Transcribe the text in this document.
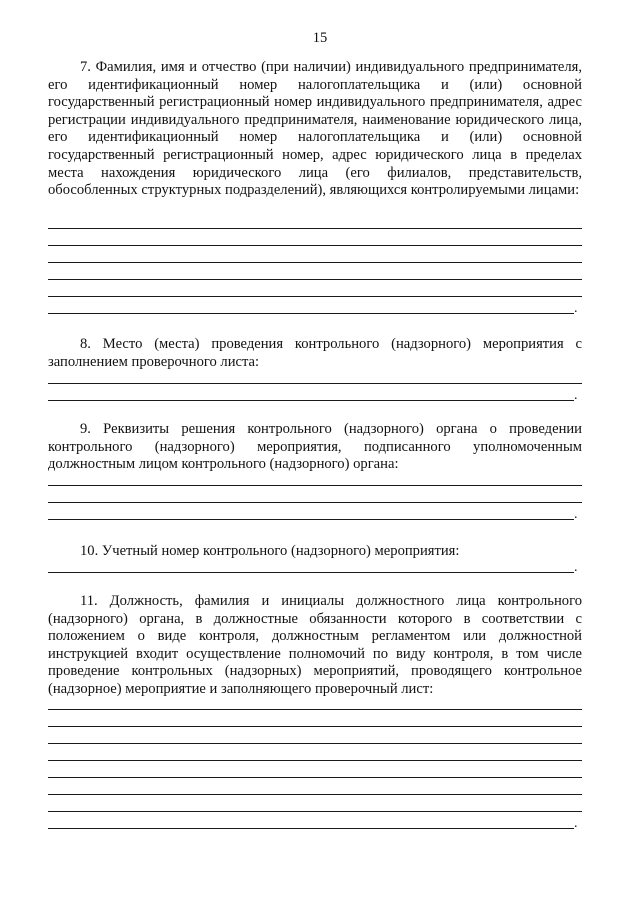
15

7. Фамилия, имя и отчество (при наличии) индивидуального предпринимателя, его идентификационный номер налогоплательщика и (или) основной государственный регистрационный номер индивидуального предпринимателя, адрес регистрации индивидуального предпринимателя, наименование юридического лица, его идентификационный номер налогоплательщика и (или) основной государственный регистрационный номер, адрес юридического лица в пределах места нахождения юридического лица (его филиалов, представительств, обособленных структурных подразделений), являющихся контролируемыми лицами:

.

8. Место (места) проведения контрольного (надзорного) мероприятия с заполнением проверочного листа:

.

9. Реквизиты решения контрольного (надзорного) органа о проведении контрольного (надзорного) мероприятия, подписанного уполномоченным должностным лицом контрольного (надзорного) органа:

.

10. Учетный номер контрольного (надзорного) мероприятия:

.

11. Должность, фамилия и инициалы должностного лица контрольного (надзорного) органа, в должностные обязанности которого в соответствии с положением о виде контроля, должностным регламентом или должностной инструкцией входит осуществление полномочий по виду контроля, в том числе проведение контрольных (надзорных) мероприятий, проводящего контрольное (надзорное) мероприятие и заполняющего проверочный лист:

.
